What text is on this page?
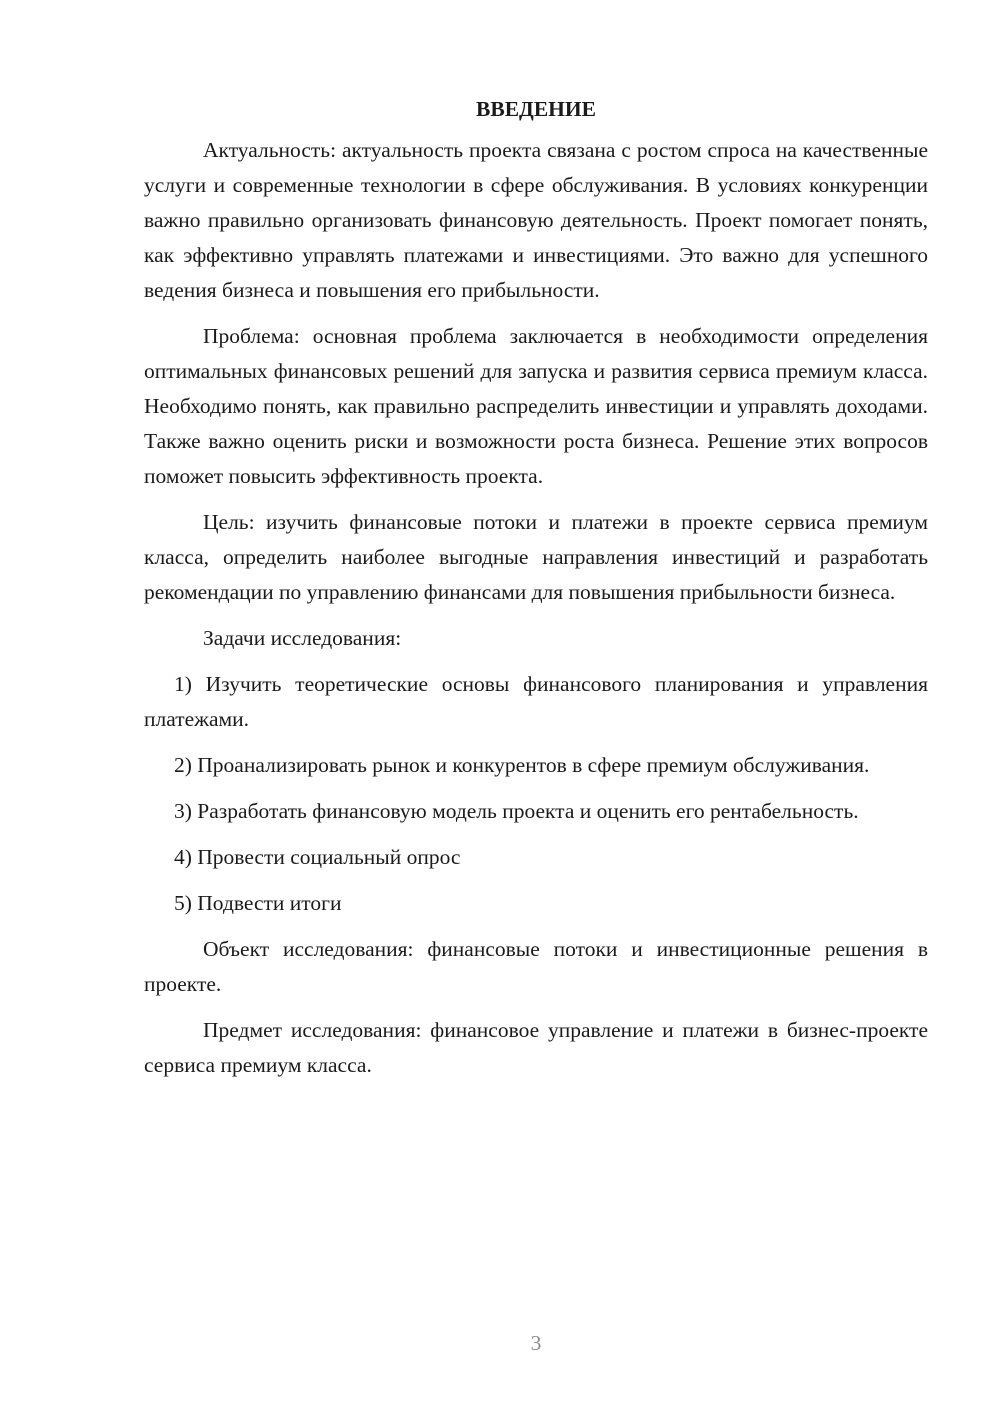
ВВЕДЕНИЕ

Актуальность: актуальность проекта связана с ростом спроса на качественные услуги и современные технологии в сфере обслуживания. В условиях конкуренции важно правильно организовать финансовую деятельность. Проект помогает понять, как эффективно управлять платежами и инвестициями. Это важно для успешного ведения бизнеса и повышения его прибыльности.

Проблема: основная проблема заключается в необходимости определения оптимальных финансовых решений для запуска и развития сервиса премиум класса. Необходимо понять, как правильно распределить инвестиции и управлять доходами. Также важно оценить риски и возможности роста бизнеса. Решение этих вопросов поможет повысить эффективность проекта.

Цель: изучить финансовые потоки и платежи в проекте сервиса премиум класса, определить наиболее выгодные направления инвестиций и разработать рекомендации по управлению финансами для повышения прибыльности бизнеса.

Задачи исследования:

1) Изучить теоретические основы финансового планирования и управления платежами.

2) Проанализировать рынок и конкурентов в сфере премиум обслуживания.

3) Разработать финансовую модель проекта и оценить его рентабельность.

4) Провести социальный опрос

5) Подвести итоги

Объект исследования: финансовые потоки и инвестиционные решения в проекте.

Предмет исследования: финансовое управление и платежи в бизнес-проекте сервиса премиум класса.

3
